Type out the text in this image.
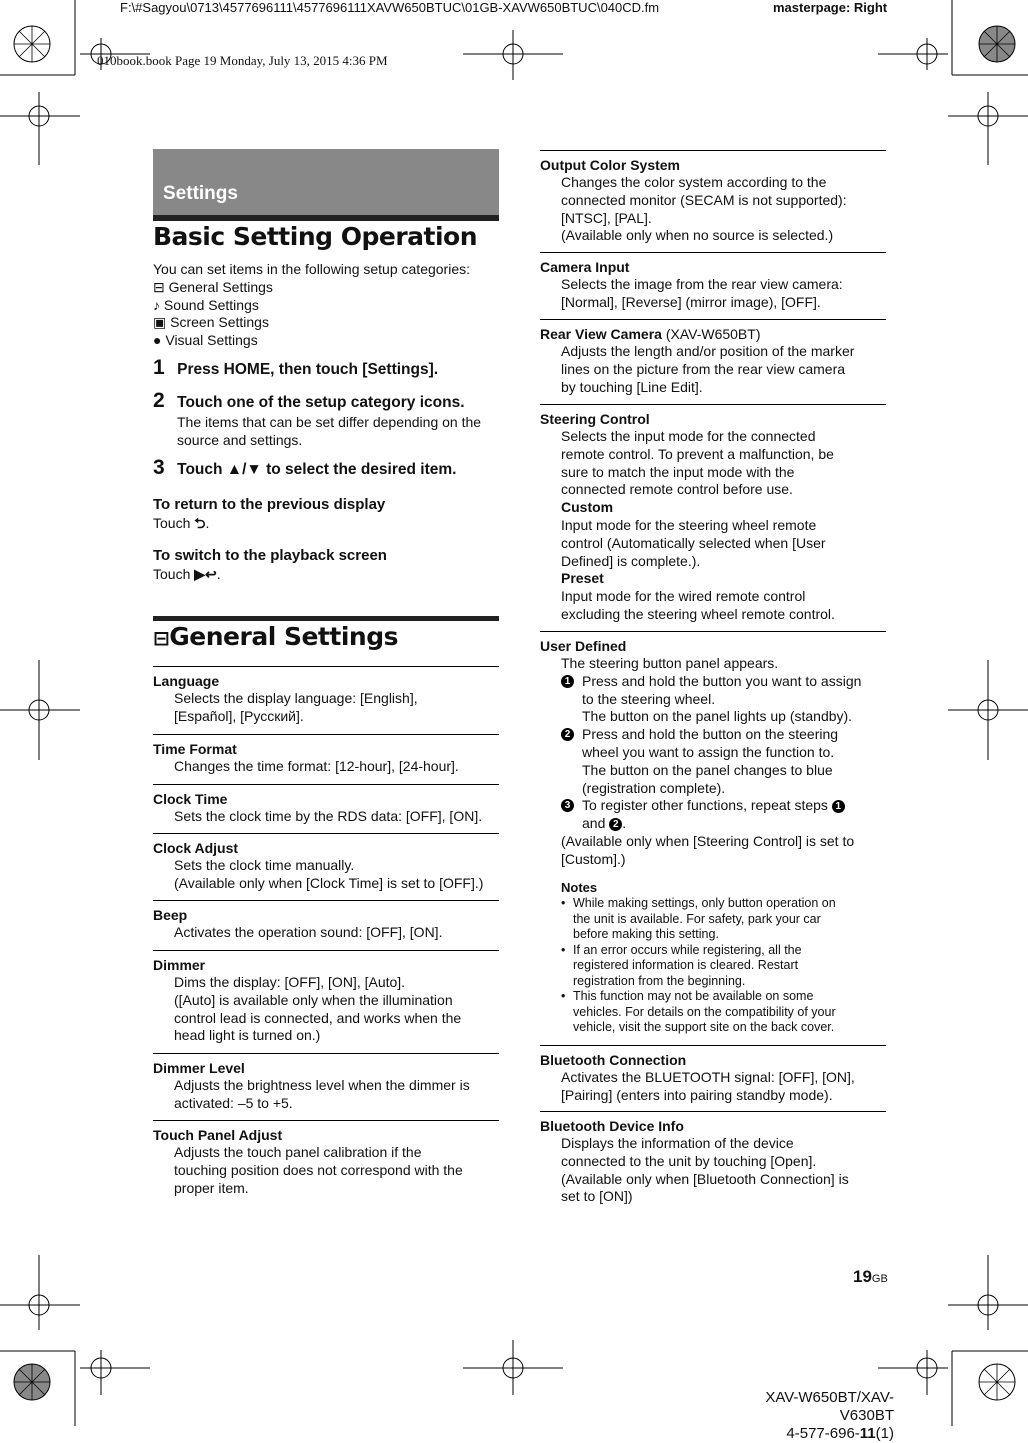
F:\#Sagyou\0713\4577696111\4577696111XAVW650BTUC\01GB-XAVW650BTUC\040CD.fm	masterpage: Right
010book.book Page 19 Monday, July 13, 2015 4:36 PM
Settings
Basic Setting Operation
You can set items in the following setup categories:
⊟ General Settings
♪ Sound Settings
▣ Screen Settings
● Visual Settings
1 Press HOME, then touch [Settings].
2 Touch one of the setup category icons.
The items that can be set differ depending on the source and settings.
3 Touch ▲/▼ to select the desired item.
To return to the previous display
Touch ⮌.
To switch to the playback screen
Touch ▶↩.
⊟General Settings
Language
Selects the display language: [English],
[Español], [Русский].
Time Format
Changes the time format: [12-hour], [24-hour].
Clock Time
Sets the clock time by the RDS data: [OFF], [ON].
Clock Adjust
Sets the clock time manually.
(Available only when [Clock Time] is set to [OFF].)
Beep
Activates the operation sound: [OFF], [ON].
Dimmer
Dims the display: [OFF], [ON], [Auto].
([Auto] is available only when the illumination
control lead is connected, and works when the
head light is turned on.)
Dimmer Level
Adjusts the brightness level when the dimmer is
activated: –5 to +5.
Touch Panel Adjust
Adjusts the touch panel calibration if the
touching position does not correspond with the
proper item.
Output Color System
Changes the color system according to the
connected monitor (SECAM is not supported):
[NTSC], [PAL].
(Available only when no source is selected.)
Camera Input
Selects the image from the rear view camera:
[Normal], [Reverse] (mirror image), [OFF].
Rear View Camera (XAV-W650BT)
Adjusts the length and/or position of the marker
lines on the picture from the rear view camera
by touching [Line Edit].
Steering Control
Selects the input mode for the connected
remote control. To prevent a malfunction, be
sure to match the input mode with the
connected remote control before use.
Custom
Input mode for the steering wheel remote
control (Automatically selected when [User
Defined] is complete.).
Preset
Input mode for the wired remote control
excluding the steering wheel remote control.
User Defined
The steering button panel appears.
1 Press and hold the button you want to assign
to the steering wheel.
The button on the panel lights up (standby).
2 Press and hold the button on the steering
wheel you want to assign the function to.
The button on the panel changes to blue
(registration complete).
3 To register other functions, repeat steps 1
and 2 .
(Available only when [Steering Control] is set to
[Custom].)
Notes
• While making settings, only button operation on
the unit is available. For safety, park your car
before making this setting.
• If an error occurs while registering, all the
registered information is cleared. Restart
registration from the beginning.
• This function may not be available on some
vehicles. For details on the compatibility of your
vehicle, visit the support site on the back cover.
Bluetooth Connection
Activates the BLUETOOTH signal: [OFF], [ON],
[Pairing] (enters into pairing standby mode).
Bluetooth Device Info
Displays the information of the device
connected to the unit by touching [Open].
(Available only when [Bluetooth Connection] is
set to [ON])
19GB
XAV-W650BT/XAV-V630BT
4-577-696-11(1)
